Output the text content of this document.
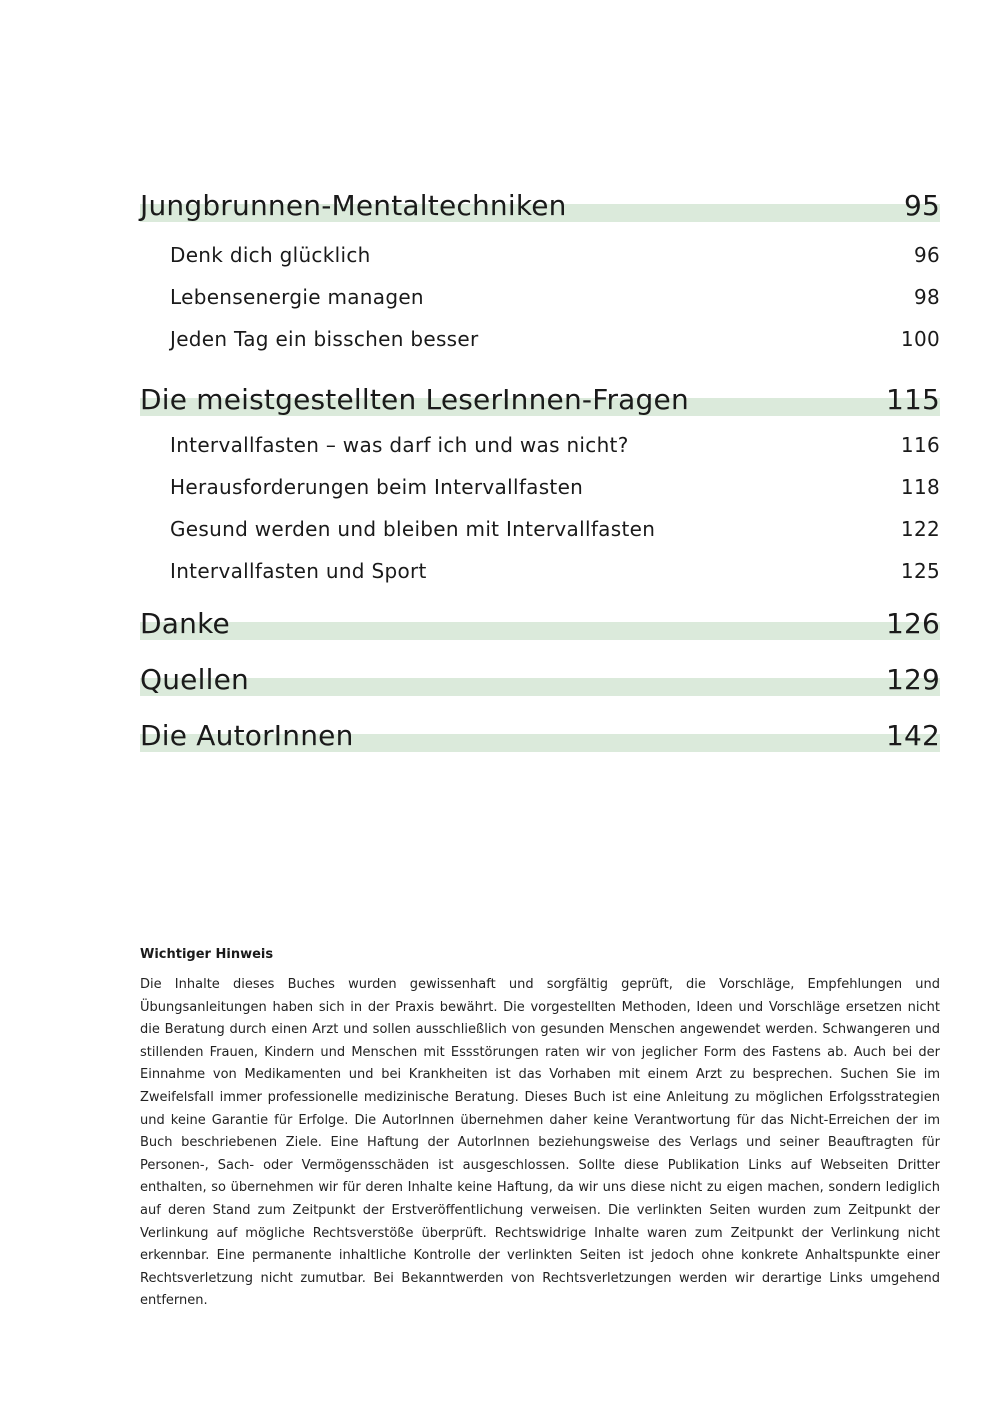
Jungbrunnen-Mentaltechniken	95
Denk dich glücklich	96
Lebensenergie managen	98
Jeden Tag ein bisschen besser	100
Die meistgestellten LeserInnen-Fragen	115
Intervallfasten – was darf ich und was nicht?	116
Herausforderungen beim Intervallfasten	118
Gesund werden und bleiben mit Intervallfasten	122
Intervallfasten und Sport	125
Danke	126
Quellen	129
Die AutorInnen	142
Wichtiger Hinweis

Die Inhalte dieses Buches wurden gewissenhaft und sorgfältig geprüft, die Vorschläge, Empfehlungen und Übungsanleitungen haben sich in der Praxis bewährt. Die vorgestellten Methoden, Ideen und Vorschläge ersetzen nicht die Beratung durch einen Arzt und sollen ausschließlich von gesunden Menschen angewendet werden. Schwangeren und stillenden Frauen, Kindern und Menschen mit Essstörungen raten wir von jeglicher Form des Fastens ab. Auch bei der Einnahme von Medikamenten und bei Krankheiten ist das Vorhaben mit einem Arzt zu besprechen. Suchen Sie im Zweifelsfall immer professionelle medizinische Beratung. Dieses Buch ist eine Anleitung zu möglichen Erfolgsstrategien und keine Garantie für Erfolge. Die AutorInnen übernehmen daher keine Verantwortung für das Nicht-Erreichen der im Buch beschriebenen Ziele. Eine Haftung der AutorInnen beziehungsweise des Verlags und seiner Beauftragten für Personen-, Sach- oder Vermögensschäden ist ausgeschlossen. Sollte diese Publikation Links auf Webseiten Dritter enthalten, so übernehmen wir für deren Inhalte keine Haftung, da wir uns diese nicht zu eigen machen, sondern lediglich auf deren Stand zum Zeitpunkt der Erstveröffentlichung verweisen. Die verlinkten Seiten wurden zum Zeitpunkt der Verlinkung auf mögliche Rechtsverstöße überprüft. Rechtswidrige Inhalte waren zum Zeitpunkt der Verlinkung nicht erkennbar. Eine permanente inhaltliche Kontrolle der verlinkten Seiten ist jedoch ohne konkrete Anhaltspunkte einer Rechtsverletzung nicht zumutbar. Bei Bekanntwerden von Rechtsverletzungen werden wir derartige Links umgehend entfernen.
